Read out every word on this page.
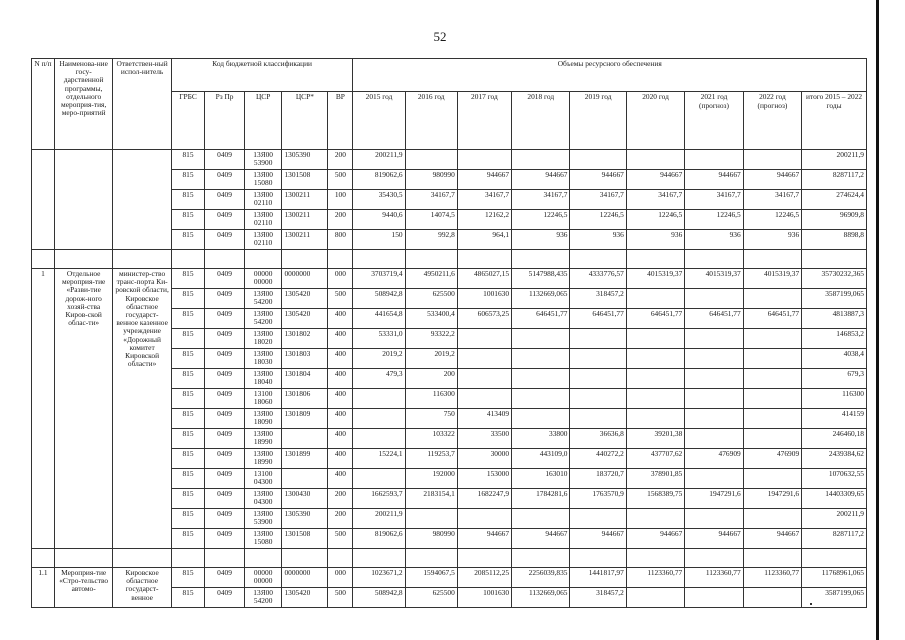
52
N п/п	Наименова-ние госу-дарственной программы, отдельного мероприя-тия, меро-приятий	Ответствен-ный испол-нитель	Код бюджетной классификации					Объемы ресурсного обеспечения								
			ГРБС	Рз Пр	ЦСР	ЦСР*	ВР	2015 год	2016 год	2017 год	2018 год	2019 год	2020 год	2021 год (прогноз)	2022 год (прогноз)	итого 2015 – 2022 годы
			815	0409	13Я00 53900	1305390	200	200211,9								200211,9
			815	0409	13Я00 15080	1301508	500	819062,6	980990	944667	944667	944667	944667	944667	944667	8287117,2
			815	0409	13Я00 02110	1300211	100	35430,5	34167,7	34167,7	34167,7	34167,7	34167,7	34167,7	34167,7	274624,4
			815	0409	13Я00 02110	1300211	200	9440,6	14074,5	12162,2	12246,5	12246,5	12246,5	12246,5	12246,5	96909,8
			815	0409	13Я00 02110	1300211	800	150	992,8	964,1	936	936	936	936	936	8898,8

1	Отдельное мероприя-тие «Разви-тие дорож-ного хозяй-ства Киров-ской облас-ти»	министер-ство транс-порта Ки-ровской области, Кировское областное государст-венное казенное учреждение «Дорожный комитет Кировской области»	815	0409	00000 00000	0000000	000	3703719,4	4950211,6	4865027,15	5147988,435	4333776,57	4015319,37	4015319,37	4015319,37	35730232,365
			815	0409	13Я00 54200	1305420	500	508942,8	625500	1001630	1132669,065	318457,2				3587199,065
			815	0409	13Я00 54200	1305420	400	441654,8	533400,4	606573,25	646451,77	646451,77	646451,77	646451,77	646451,77	4813887,3
			815	0409	13Я00 18020	1301802	400	53331,0	93322,2							146853,2
			815	0409	13Я00 18030	1301803	400	2019,2	2019,2							4038,4
			815	0409	13Я00 18040	1301804	400	479,3	200							679,3
			815	0409	13100 18060	1301806	400		116300							116300
			815	0409	13Я00 18090	1301809	400		750	413409						414159
			815	0409	13Я00 18990		400		103322	33500	33800	36636,8	39201,38			246460,18
			815	0409	13Я00 18990	1301899	400	15224,1	119253,7	30000	443109,0	440272,2	437707,62	476909	476909	2439384,62
			815	0409	13100 04300		400		192000	153000	163010	183720,7	378901,85			1070632,55
			815	0409	13Я00 04300	1300430	200	1662593,7	2183154,1	1682247,9	1784281,6	1763570,9	1568389,75	1947291,6	1947291,6	14403309,65
			815	0409	13Я00 53900	1305390	200	200211,9								200211,9
			815	0409	13Я00 15080	1301508	500	819062,6	980990	944667	944667	944667	944667	944667	944667	8287117,2

1.1	Мероприя-тие «Стро-тельство автомо-	Кировское областное государст-венное	815	0409	00000 00000	0000000	000	1023671,2	1594067,5	2085112,25	2256039,835	1441817,97	1123360,77	1123360,77	1123360,77	11768961,065
			815	0409	13Я00 54200	1305420	500	508942,8	625500	1001630	1132669,065	318457,2				3587199,065
